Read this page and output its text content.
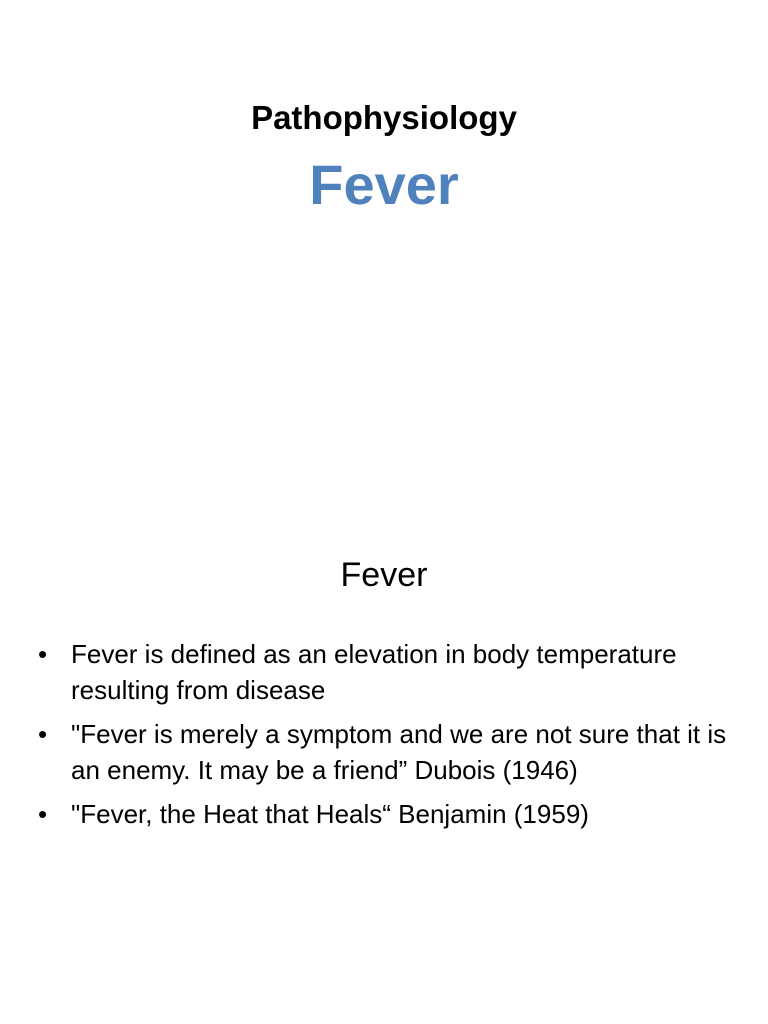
Pathophysiology
Fever
Fever
• Fever is defined as an elevation in body temperature resulting from disease
• "Fever is merely a symptom and we are not sure that it is an enemy. It may be a friend” Dubois (1946)
• "Fever, the Heat that Heals“ Benjamin (1959)
